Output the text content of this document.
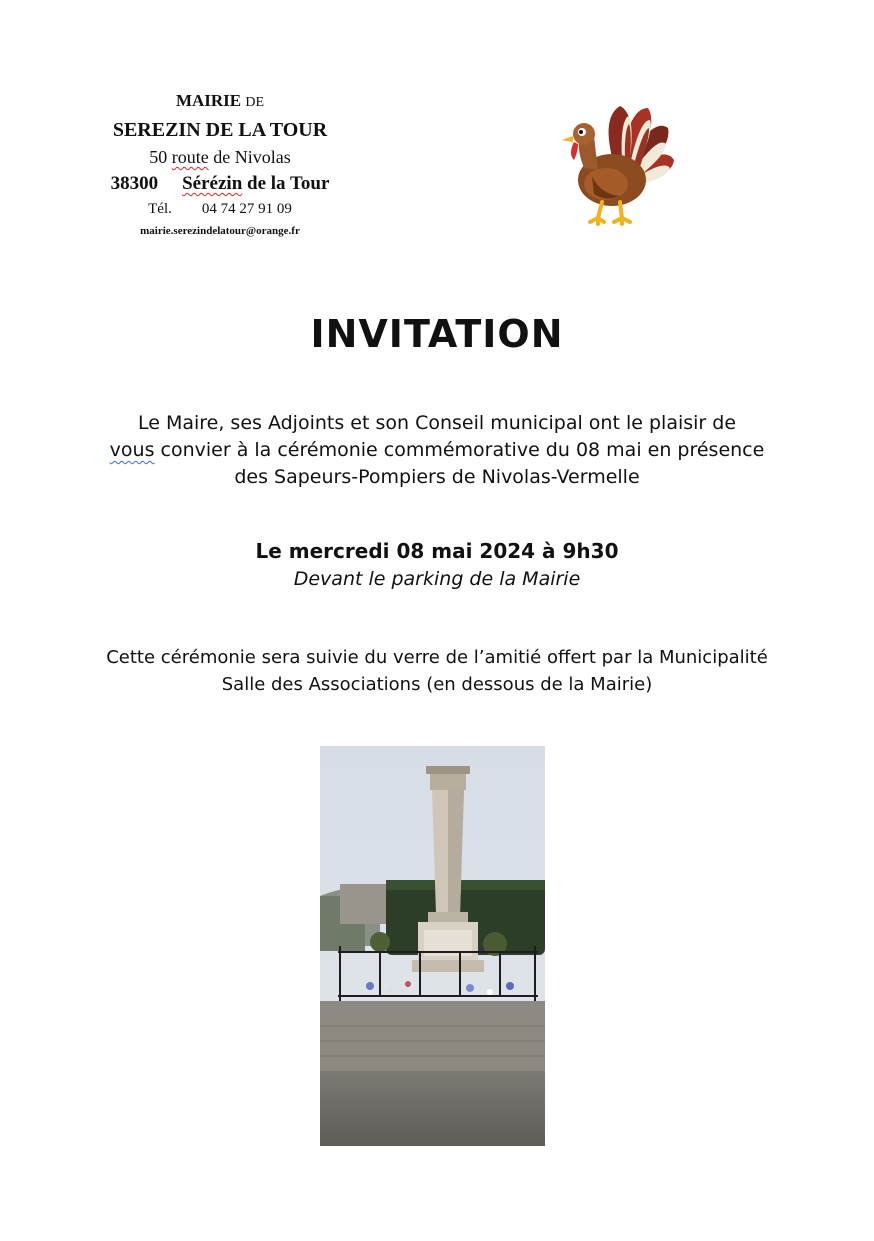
MAIRIE DE
SEREZIN DE LA TOUR
50 route de Nivolas
38300 Sérézin de la Tour
Tél. 04 74 27 91 09
mairie.serezindelatour@orange.fr
INVITATION
Le Maire, ses Adjoints et son Conseil municipal ont le plaisir de
vous convier à la cérémonie commémorative du 08 mai en présence
des Sapeurs-Pompiers de Nivolas-Vermelle
Le mercredi 08 mai 2024 à 9h30
Devant le parking de la Mairie
Cette cérémonie sera suivie du verre de l’amitié offert par la Municipalité
Salle des Associations (en dessous de la Mairie)
